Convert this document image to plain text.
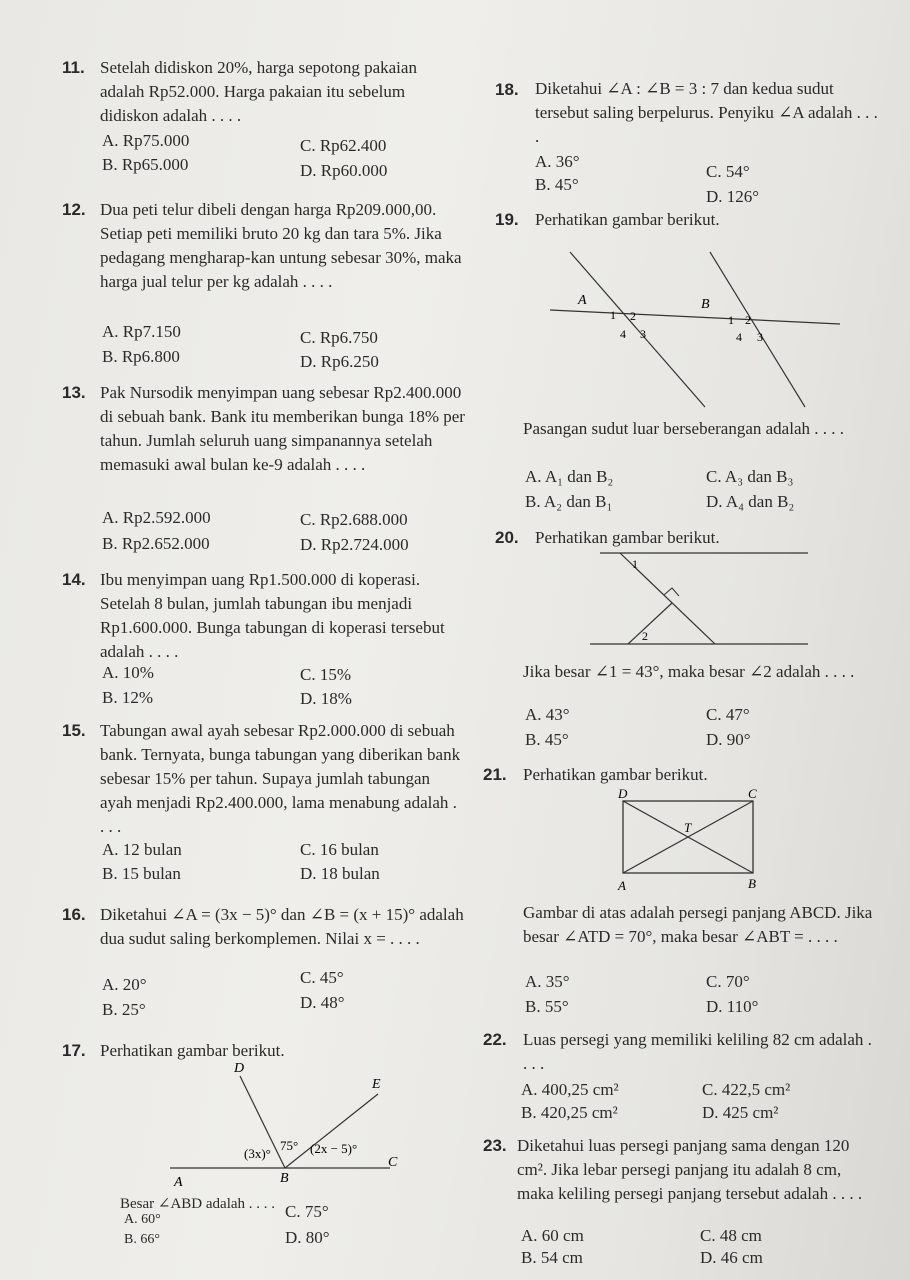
11. Setelah didiskon 20%, harga sepotong pakaian adalah Rp52.000. Harga pakaian itu sebelum didiskon adalah . . . .

A. Rp75.000
B. Rp65.000
C. Rp62.400
D. Rp60.000
12. Dua peti telur dibeli dengan harga Rp209.000,00. Setiap peti memiliki bruto 20 kg dan tara 5%. Jika pedagang mengharap-kan untung sebesar 30%, maka harga jual telur per kg adalah . . . .

A. Rp7.150
B. Rp6.800
C. Rp6.750
D. Rp6.250
13. Pak Nursodik menyimpan uang sebesar Rp2.400.000 di sebuah bank. Bank itu memberikan bunga 18% per tahun. Jumlah seluruh uang simpanannya setelah memasuki awal bulan ke-9 adalah . . . .

A. Rp2.592.000
B. Rp2.652.000
C. Rp2.688.000
D. Rp2.724.000
14. Ibu menyimpan uang Rp1.500.000 di koperasi. Setelah 8 bulan, jumlah tabungan ibu menjadi Rp1.600.000. Bunga tabungan di koperasi tersebut adalah . . . .

A. 10%
B. 12%
C. 15%
D. 18%
15. Tabungan awal ayah sebesar Rp2.000.000 di sebuah bank. Ternyata, bunga tabungan yang diberikan bank sebesar 15% per tahun. Supaya jumlah tabungan ayah menjadi Rp2.400.000, lama menabung adalah . . . .

A. 12 bulan
B. 15 bulan
C. 16 bulan
D. 18 bulan
16. Diketahui ∠A = (3x − 5)° dan ∠B = (x + 15)° adalah dua sudut saling berkomplemen. Nilai x = . . . .

A. 20°
B. 25°
C. 45°
D. 48°
17. Perhatikan gambar berikut.

D
E
A	B
C
(3x)°
75° (2x − 5)°
Besar ∠ABD adalah . . . .
A. 60°
B. 66°
C. 75°
D. 80°
18. Diketahui ∠A : ∠B = 3 : 7 dan kedua sudut tersebut saling berpelurus. Penyiku ∠A adalah . . . .

A. 36°
B. 45°
C. 54°
D. 126°
19. Perhatikan gambar berikut.

A	B
1 2
3
4
1 2
3
4

Pasangan sudut luar berseberangan adalah . . . .

A. A₁ dan B₂
B. A₂ dan B₁
C. A₃ dan B₃
D. A₄ dan B₂
20. Perhatikan gambar berikut.

1
2

Jika besar ∠1 = 43°, maka besar ∠2 adalah . . . .

A. 43°
B. 45°
C. 47°
D. 90°
21. Perhatikan gambar berikut.

D	C
A	B
T

Gambar di atas adalah persegi panjang ABCD. Jika besar ∠ATD = 70°, maka besar ∠ABT = . . . .

A. 35°
B. 55°
C. 70°
D. 110°
22. Luas persegi yang memiliki keliling 82 cm adalah . . . .

A. 400,25 cm²
B. 420,25 cm²
C. 422,5 cm²
D. 425 cm²
23. Diketahui luas persegi panjang sama dengan 120 cm². Jika lebar persegi panjang itu adalah 8 cm, maka keliling persegi panjang tersebut adalah . . . .

A. 60 cm
B. 54 cm
C. 48 cm
D. 46 cm
